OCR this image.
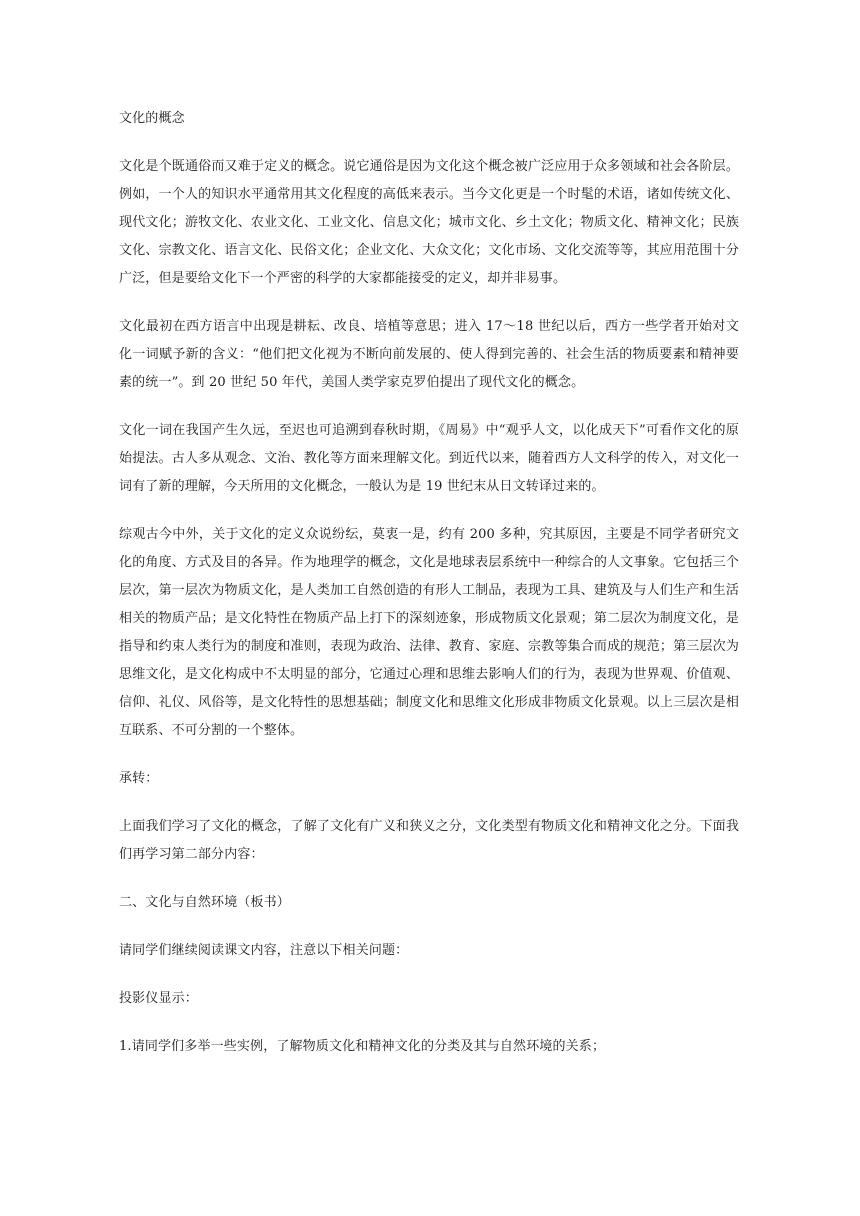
文化的概念

文化是个既通俗而又难于定义的概念。说它通俗是因为文化这个概念被广泛应用于众多领域和社会各阶层。例如，一个人的知识水平通常用其文化程度的高低来表示。当今文化更是一个时髦的术语，诸如传统文化、现代文化；游牧文化、农业文化、工业文化、信息文化；城市文化、乡土文化；物质文化、精神文化；民族文化、宗教文化、语言文化、民俗文化；企业文化、大众文化；文化市场、文化交流等等，其应用范围十分广泛，但是要给文化下一个严密的科学的大家都能接受的定义，却并非易事。

文化最初在西方语言中出现是耕耘、改良、培植等意思；进入 17～18 世纪以后，西方一些学者开始对文化一词赋予新的含义：“他们把文化视为不断向前发展的、使人得到完善的、社会生活的物质要素和精神要素的统一”。到 20 世纪 50 年代，美国人类学家克罗伯提出了现代文化的概念。

文化一词在我国产生久远，至迟也可追溯到春秋时期，《周易》中“观乎人文，以化成天下”可看作文化的原始提法。古人多从观念、文治、教化等方面来理解文化。到近代以来，随着西方人文科学的传入，对文化一词有了新的理解，今天所用的文化概念，一般认为是 19 世纪末从日文转译过来的。

综观古今中外，关于文化的定义众说纷纭，莫衷一是，约有 200 多种，究其原因，主要是不同学者研究文化的角度、方式及目的各异。作为地理学的概念，文化是地球表层系统中一种综合的人文事象。它包括三个层次，第一层次为物质文化，是人类加工自然创造的有形人工制品，表现为工具、建筑及与人们生产和生活相关的物质产品；是文化特性在物质产品上打下的深刻迹象，形成物质文化景观；第二层次为制度文化，是指导和约束人类行为的制度和准则，表现为政治、法律、教育、家庭、宗教等集合而成的规范；第三层次为思维文化，是文化构成中不太明显的部分，它通过心理和思维去影响人们的行为，表现为世界观、价值观、信仰、礼仪、风俗等，是文化特性的思想基础；制度文化和思维文化形成非物质文化景观。以上三层次是相互联系、不可分割的一个整体。

承转：

上面我们学习了文化的概念，了解了文化有广义和狭义之分，文化类型有物质文化和精神文化之分。下面我们再学习第二部分内容：

二、文化与自然环境（板书）

请同学们继续阅读课文内容，注意以下相关问题：

投影仪显示：

1.请同学们多举一些实例，了解物质文化和精神文化的分类及其与自然环境的关系；
